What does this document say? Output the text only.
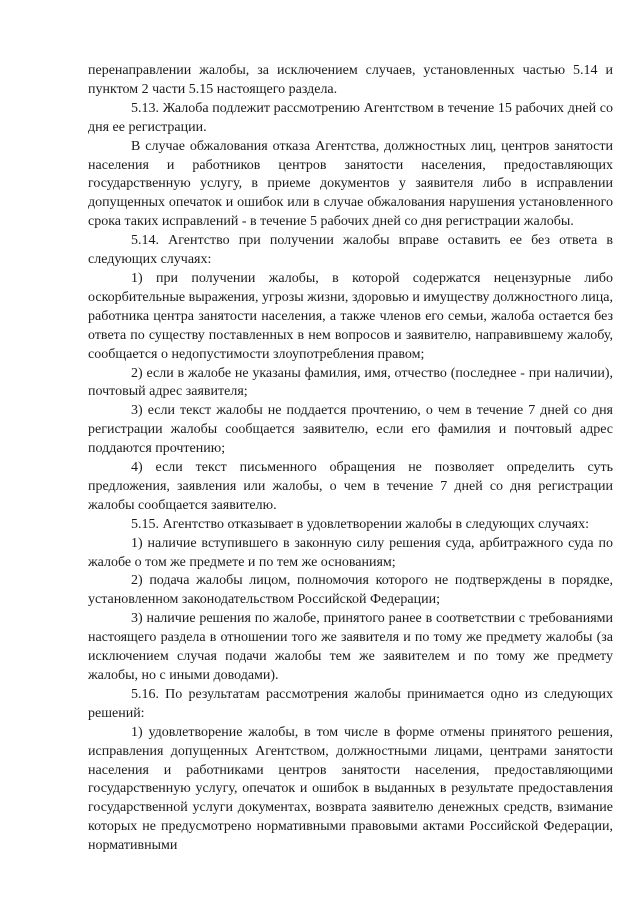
перенаправлении жалобы, за исключением случаев, установленных частью 5.14 и пунктом 2 части 5.15 настоящего раздела.

5.13. Жалоба подлежит рассмотрению Агентством в течение 15 рабочих дней со дня ее регистрации.

В случае обжалования отказа Агентства, должностных лиц, центров занятости населения и работников центров занятости населения, предоставляющих государственную услугу, в приеме документов у заявителя либо в исправлении допущенных опечаток и ошибок или в случае обжалования нарушения установленного срока таких исправлений - в течение 5 рабочих дней со дня регистрации жалобы.

5.14. Агентство при получении жалобы вправе оставить ее без ответа в следующих случаях:

1) при получении жалобы, в которой содержатся нецензурные либо оскорбительные выражения, угрозы жизни, здоровью и имуществу должностного лица, работника центра занятости населения, а также членов его семьи, жалоба остается без ответа по существу поставленных в нем вопросов и заявителю, направившему жалобу, сообщается о недопустимости злоупотребления правом;

2) если в жалобе не указаны фамилия, имя, отчество (последнее - при наличии), почтовый адрес заявителя;

3) если текст жалобы не поддается прочтению, о чем в течение 7 дней со дня регистрации жалобы сообщается заявителю, если его фамилия и почтовый адрес поддаются прочтению;

4) если текст письменного обращения не позволяет определить суть предложения, заявления или жалобы, о чем в течение 7 дней со дня регистрации жалобы сообщается заявителю.

5.15. Агентство отказывает в удовлетворении жалобы в следующих случаях:

1) наличие вступившего в законную силу решения суда, арбитражного суда по жалобе о том же предмете и по тем же основаниям;

2) подача жалобы лицом, полномочия которого не подтверждены в порядке, установленном законодательством Российской Федерации;

3) наличие решения по жалобе, принятого ранее в соответствии с требованиями настоящего раздела в отношении того же заявителя и по тому же предмету жалобы (за исключением случая подачи жалобы тем же заявителем и по тому же предмету жалобы, но с иными доводами).

5.16. По результатам рассмотрения жалобы принимается одно из следующих решений:

1) удовлетворение жалобы, в том числе в форме отмены принятого решения, исправления допущенных Агентством, должностными лицами, центрами занятости населения и работниками центров занятости населения, предоставляющими государственную услугу, опечаток и ошибок в выданных в результате предоставления государственной услуги документах, возврата заявителю денежных средств, взимание которых не предусмотрено нормативными правовыми актами Российской Федерации, нормативными
